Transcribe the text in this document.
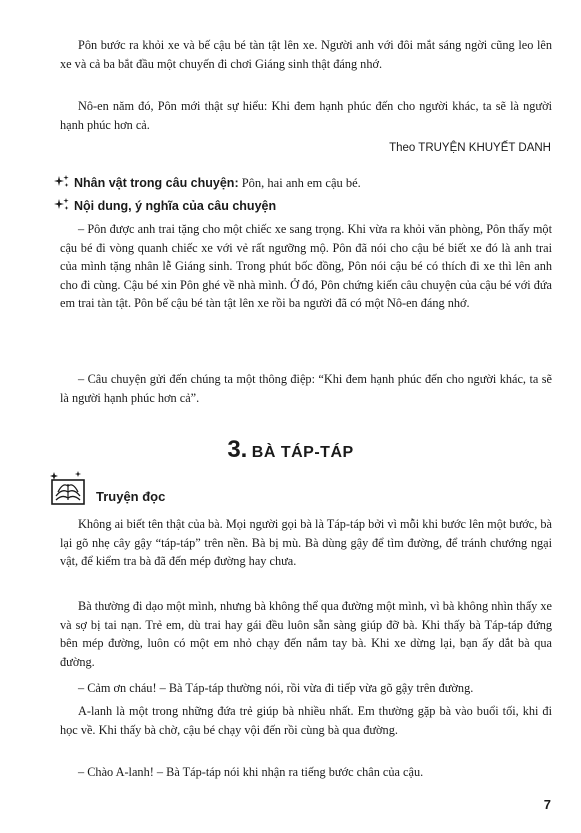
Pôn bước ra khỏi xe và bế cậu bé tàn tật lên xe. Người anh với đôi mắt sáng ngời cũng leo lên xe và cả ba bắt đầu một chuyến đi chơi Giáng sinh thật đáng nhớ.

Nô-en năm đó, Pôn mới thật sự hiểu: Khi đem hạnh phúc đến cho người khác, ta sẽ là người hạnh phúc hơn cả.

Theo TRUYỆN KHUYẾT DANH
Nhân vật trong câu chuyện: Pôn, hai anh em cậu bé.
Nội dung, ý nghĩa của câu chuyện

– Pôn được anh trai tặng cho một chiếc xe sang trọng. Khi vừa ra khỏi văn phòng, Pôn thấy một cậu bé đi vòng quanh chiếc xe với vẻ rất ngưỡng mộ. Pôn đã nói cho cậu bé biết xe đó là anh trai của mình tặng nhân lễ Giáng sinh. Trong phút bốc đồng, Pôn nói cậu bé có thích đi xe thì lên anh cho đi cùng. Cậu bé xin Pôn ghé về nhà mình. Ở đó, Pôn chứng kiến câu chuyện của cậu bé với đứa em trai tàn tật. Pôn bế cậu bé tàn tật lên xe rồi ba người đã có một Nô-en đáng nhớ.

– Câu chuyện gửi đến chúng ta một thông điệp: “Khi đem hạnh phúc đến cho người khác, ta sẽ là người hạnh phúc hơn cả”.

3. BÀ TÁP-TÁP
Truyện đọc

Không ai biết tên thật của bà. Mọi người gọi bà là Táp-táp bởi vì mỗi khi bước lên một bước, bà lại gõ nhẹ cây gậy “táp-táp” trên nền. Bà bị mù. Bà dùng gậy để tìm đường, để tránh chướng ngại vật, để kiểm tra bà đã đến mép đường hay chưa.

Bà thường đi dạo một mình, nhưng bà không thể qua đường một mình, vì bà không nhìn thấy xe và sợ bị tai nạn. Trẻ em, dù trai hay gái đều luôn sẵn sàng giúp đỡ bà. Khi thấy bà Táp-táp đứng bên mép đường, luôn có một em nhỏ chạy đến nắm tay bà. Khi xe dừng lại, bạn ấy dắt bà qua đường.

– Cảm ơn cháu! – Bà Táp-táp thường nói, rồi vừa đi tiếp vừa gõ gậy trên đường.

A-lanh là một trong những đứa trẻ giúp bà nhiều nhất. Em thường gặp bà vào buổi tối, khi đi học về. Khi thấy bà chờ, cậu bé chạy vội đến rồi cùng bà qua đường.

– Chào A-lanh! – Bà Táp-táp nói khi nhận ra tiếng bước chân của cậu.

7
